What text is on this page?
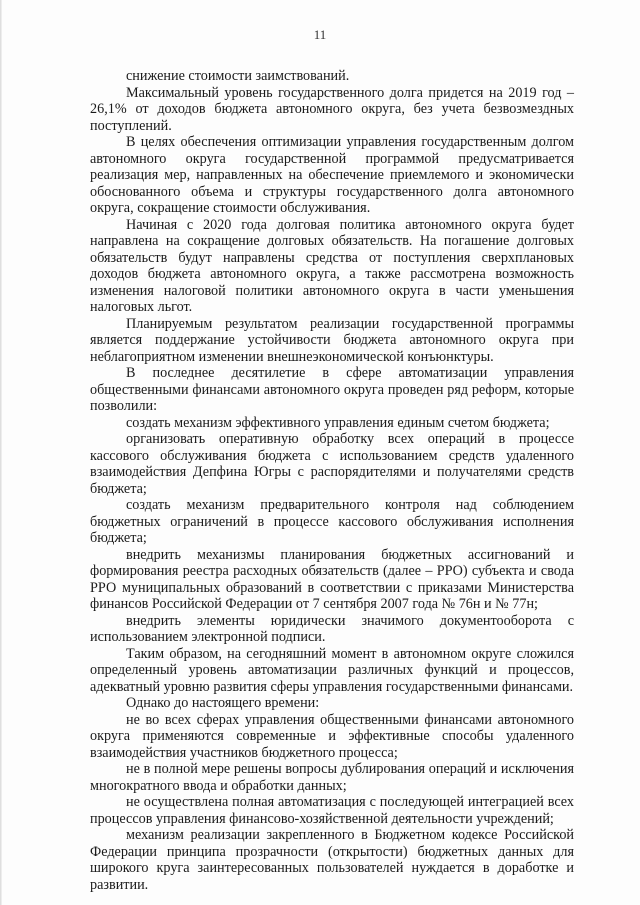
11

снижение стоимости заимствований.

Максимальный уровень государственного долга придется на 2019 год – 26,1% от доходов бюджета автономного округа, без учета безвозмездных поступлений.

В целях обеспечения оптимизации управления государственным долгом автономного округа государственной программой предусматривается реализация мер, направленных на обеспечение приемлемого и экономически обоснованного объема и структуры государственного долга автономного округа, сокращение стоимости обслуживания.

Начиная с 2020 года долговая политика автономного округа будет направлена на сокращение долговых обязательств. На погашение долговых обязательств будут направлены средства от поступления сверхплановых доходов бюджета автономного округа, а также рассмотрена возможность изменения налоговой политики автономного округа в части уменьшения налоговых льгот.

Планируемым результатом реализации государственной программы является поддержание устойчивости бюджета автономного округа при неблагоприятном изменении внешнеэкономической конъюнктуры.

В последнее десятилетие в сфере автоматизации управления общественными финансами автономного округа проведен ряд реформ, которые позволили:

создать механизм эффективного управления единым счетом бюджета;

организовать оперативную обработку всех операций в процессе кассового обслуживания бюджета с использованием средств удаленного взаимодействия Депфина Югры с распорядителями и получателями средств бюджета;

создать механизм предварительного контроля над соблюдением бюджетных ограничений в процессе кассового обслуживания исполнения бюджета;

внедрить механизмы планирования бюджетных ассигнований и формирования реестра расходных обязательств (далее – РРО) субъекта и свода РРО муниципальных образований в соответствии с приказами Министерства финансов Российской Федерации от 7 сентября 2007 года № 76н и № 77н;

внедрить элементы юридически значимого документооборота с использованием электронной подписи.

Таким образом, на сегодняшний момент в автономном округе сложился определенный уровень автоматизации различных функций и процессов, адекватный уровню развития сферы управления государственными финансами.

Однако до настоящего времени:

не во всех сферах управления общественными финансами автономного округа применяются современные и эффективные способы удаленного взаимодействия участников бюджетного процесса;

не в полной мере решены вопросы дублирования операций и исключения многократного ввода и обработки данных;

не осуществлена полная автоматизация с последующей интеграцией всех процессов управления финансово-хозяйственной деятельности учреждений;

механизм реализации закрепленного в Бюджетном кодексе Российской Федерации принципа прозрачности (открытости) бюджетных данных для широкого круга заинтересованных пользователей нуждается в доработке и развитии.
